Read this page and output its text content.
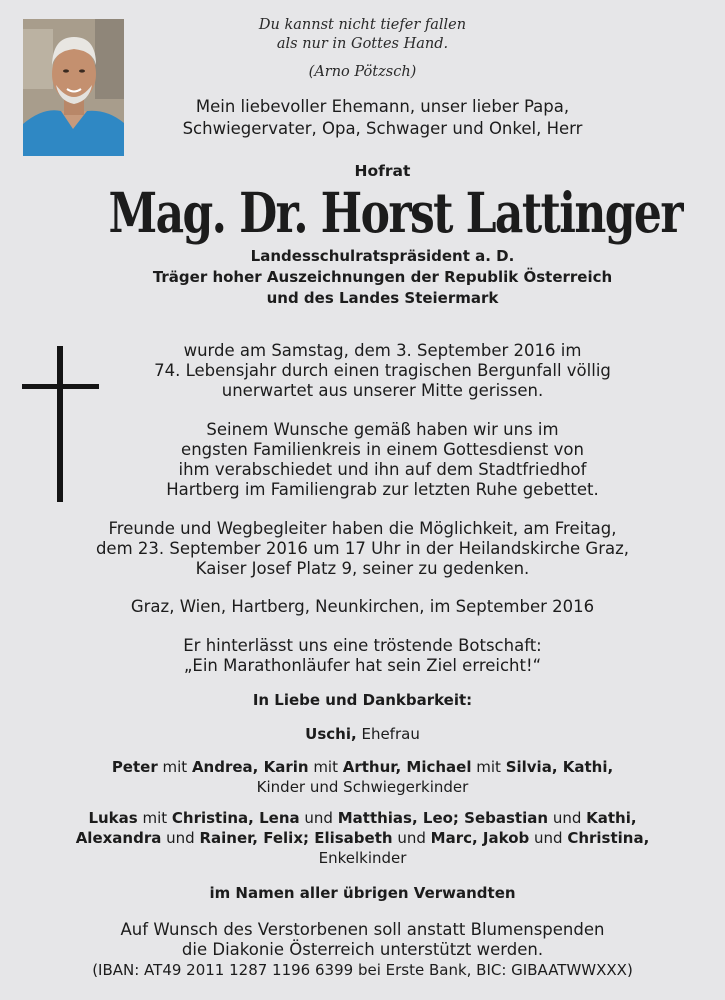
Du kannst nicht tiefer fallen
als nur in Gottes Hand.
(Arno Pötzsch)
Mein liebevoller Ehemann, unser lieber Papa,
Schwiegervater, Opa, Schwager und Onkel, Herr
Hofrat
Mag. Dr. Horst Lattinger
Landesschulratspräsident a. D.
Träger hoher Auszeichnungen der Republik Österreich
und des Landes Steiermark
wurde am Samstag, dem 3. September 2016 im
74. Lebensjahr durch einen tragischen Bergunfall völlig
unerwartet aus unserer Mitte gerissen.
Seinem Wunsche gemäß haben wir uns im
engsten Familienkreis in einem Gottesdienst von
ihm verabschiedet und ihn auf dem Stadtfriedhof
Hartberg im Familiengrab zur letzten Ruhe gebettet.
Freunde und Wegbegleiter haben die Möglichkeit, am Freitag,
dem 23. September 2016 um 17 Uhr in der Heilandskirche Graz,
Kaiser Josef Platz 9, seiner zu gedenken.
Graz, Wien, Hartberg, Neunkirchen, im September 2016
Er hinterlässt uns eine tröstende Botschaft:
„Ein Marathonläufer hat sein Ziel erreicht!“
In Liebe und Dankbarkeit:
Uschi, Ehefrau
Peter mit Andrea, Karin mit Arthur, Michael mit Silvia, Kathi,
Kinder und Schwiegerkinder
Lukas mit Christina, Lena und Matthias, Leo; Sebastian und Kathi,
Alexandra und Rainer, Felix; Elisabeth und Marc, Jakob und Christina,
Enkelkinder
im Namen aller übrigen Verwandten
Auf Wunsch des Verstorbenen soll anstatt Blumenspenden
die Diakonie Österreich unterstützt werden.
(IBAN: AT49 2011 1287 1196 6399 bei Erste Bank, BIC: GIBAATWWXXX)
